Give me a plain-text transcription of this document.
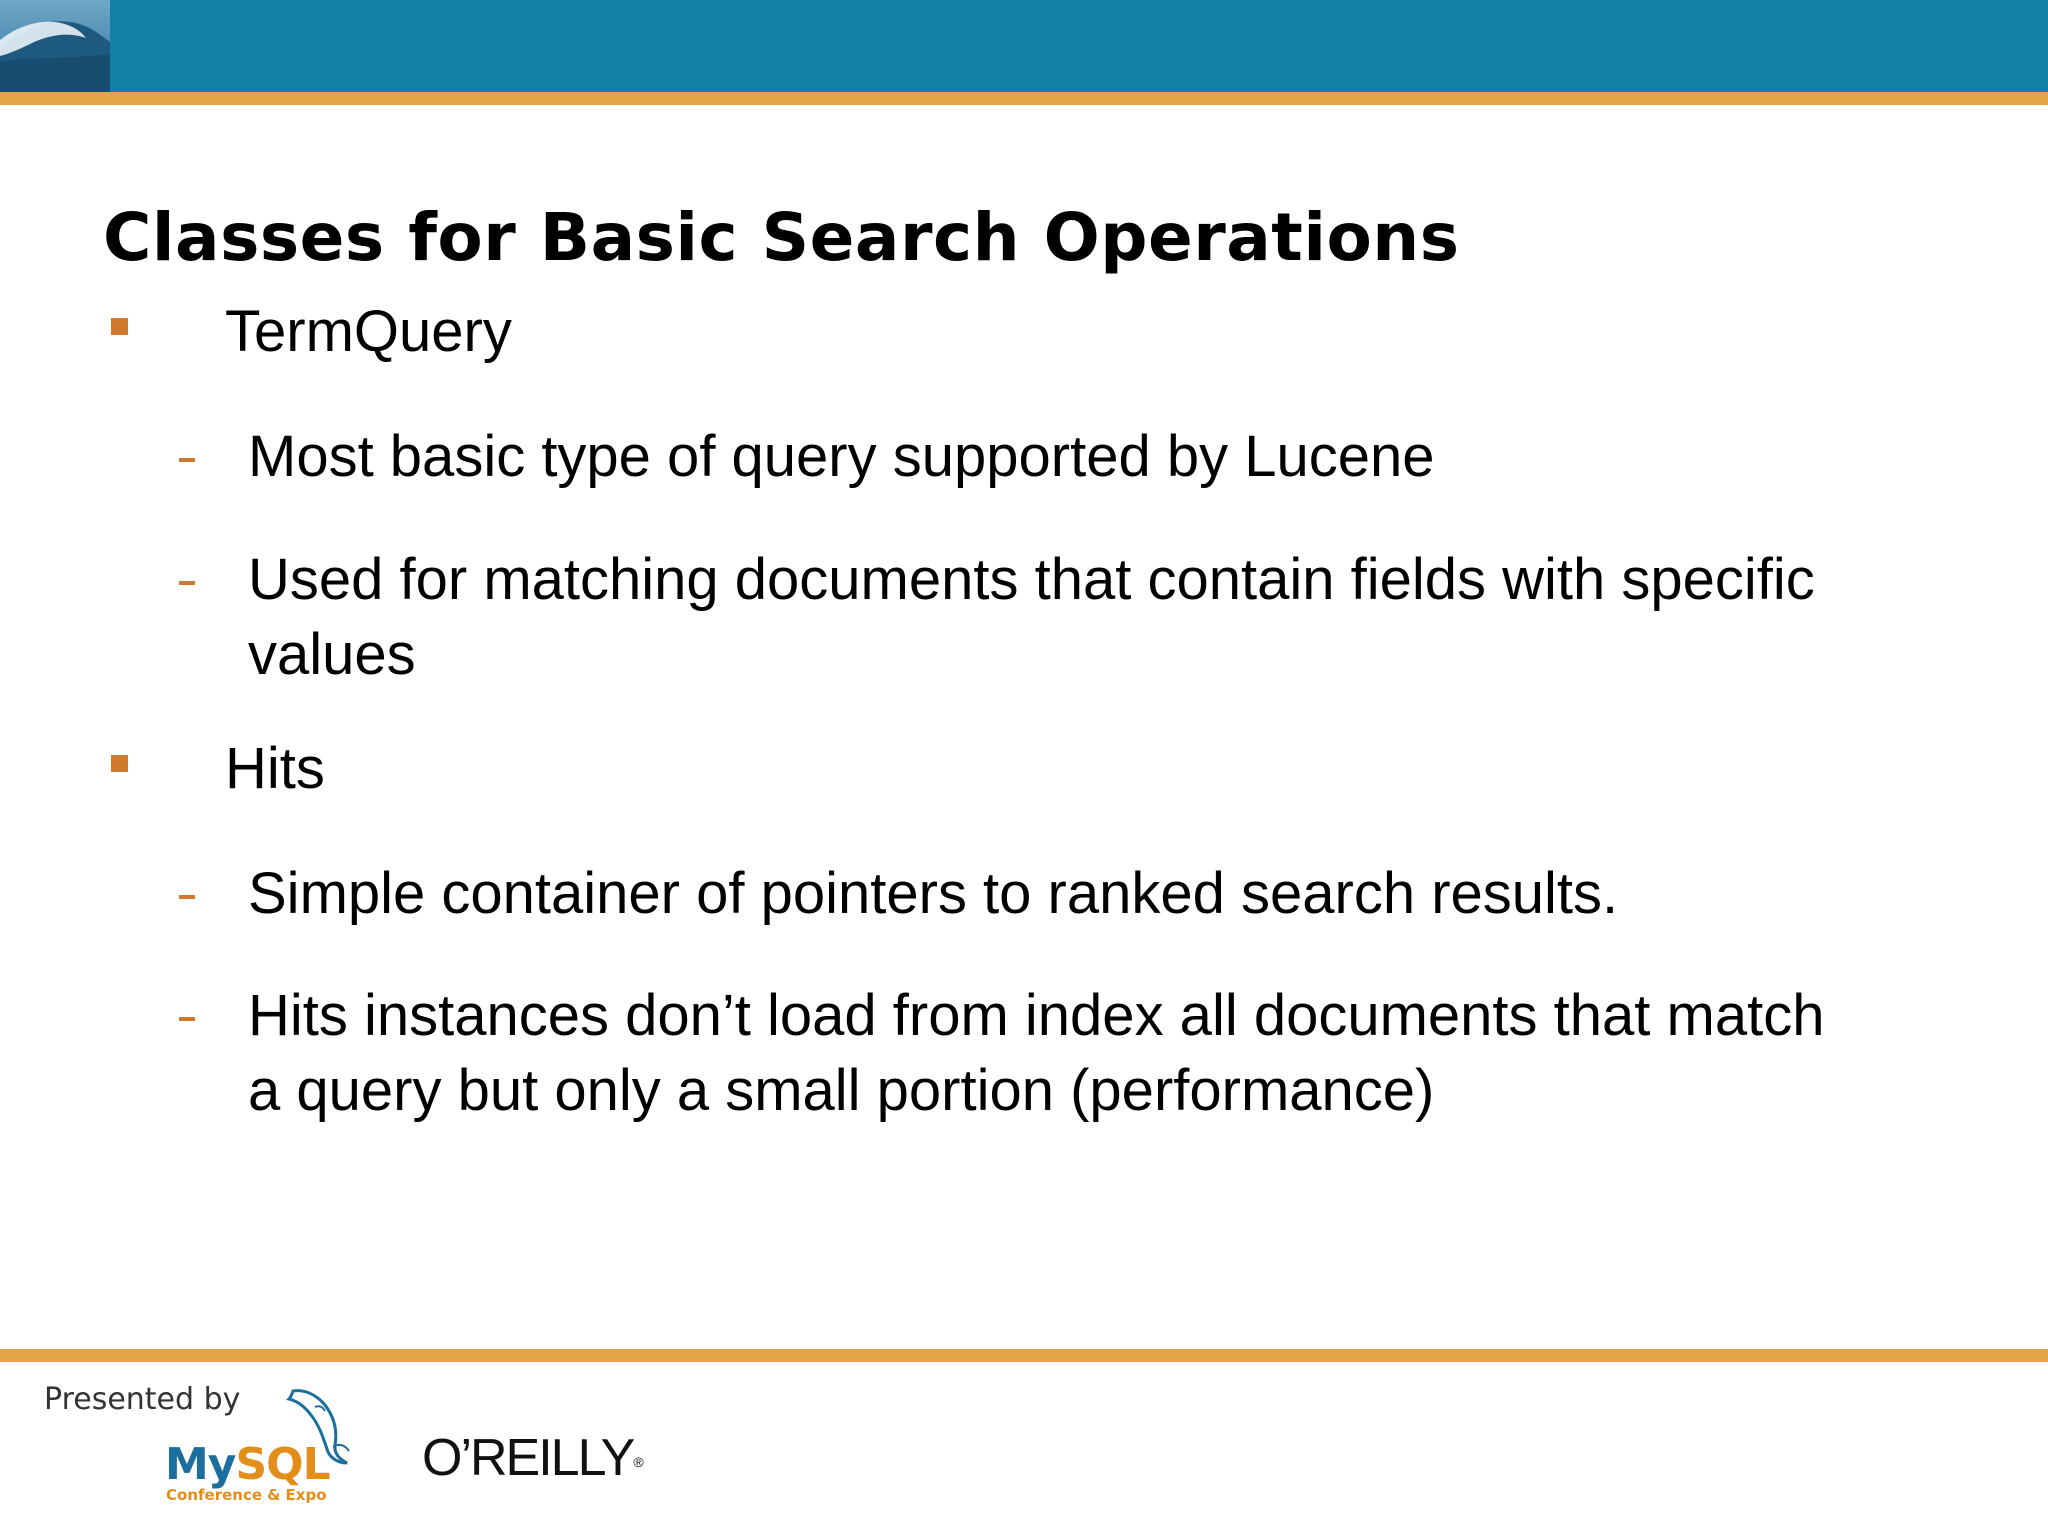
Classes for Basic Search Operations
TermQuery
Most basic type of query supported by Lucene
Used for matching documents that contain fields with specific values
Hits
Simple container of pointers to ranked search results.
Hits instances don’t load from index all documents that match a query but only a small portion (performance)
Presented by
MySQL
Conference & Expo
O’REILLY®
